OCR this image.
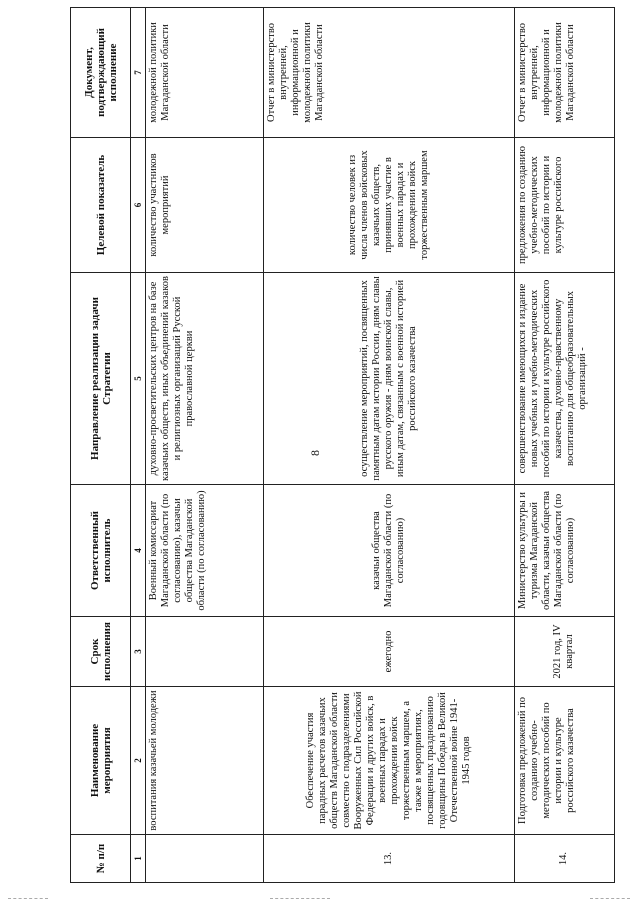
8
№ п/п	Наименование мероприятия	Срок исполнения	Ответственный исполнитель	Направление реализации задачи Стратегии	Целевой показатель	Документ, подтверждающий исполнение
1	2	3	4	5	6	7
	воспитания казачьей молодежи		Военный комиссариат Магаданской области (по согласованию), казачьи общества Магаданской области (по согласованию)	духовно-просветительских центров на базе казачьих обществ, иных объединений казаков и религиозных организаций Русской православной церкви	количество участников мероприятий	молодежной политики Магаданской области
13.	Обеспечение участия парадных расчетов казачьих обществ Магаданской области совместно с подразделениями Вооруженных Сил Российской Федерации и других войск, в военных парадах и прохождении войск торжественным маршем, а также в мероприятиях, посвященных празднованию годовщины Победы в Великой Отечественной войне 1941-1945 годов	ежегодно	казачьи общества Магаданской области (по согласованию)	осуществление мероприятий, посвященных памятным датам истории России, дням славы русского оружия - дням воинской славы, иным датам, связанным с военной историей российского казачества	количество человек из числа членов войсковых казачьих обществ, принявших участие в военных парадах и прохождении войск торжественным маршем	Отчет в министерство внутренней, информационной и молодежной политики Магаданской области
14.	Подготовка предложений по созданию учебно-методических пособий по истории и культуре российского казачества	2021 год, IV квартал	Министерство культуры и туризма Магаданской области, казачьи общества Магаданской области (по согласованию)	совершенствование имеющихся и издание новых учебных и учебно-методических пособий по истории и культуре российского казачества, духовно-нравственному воспитанию для общеобразовательных организаций -	предложения по созданию учебно-методических пособий по истории и культуре российского	Отчет в министерство внутренней, информационной и молодежной политики Магаданской области
